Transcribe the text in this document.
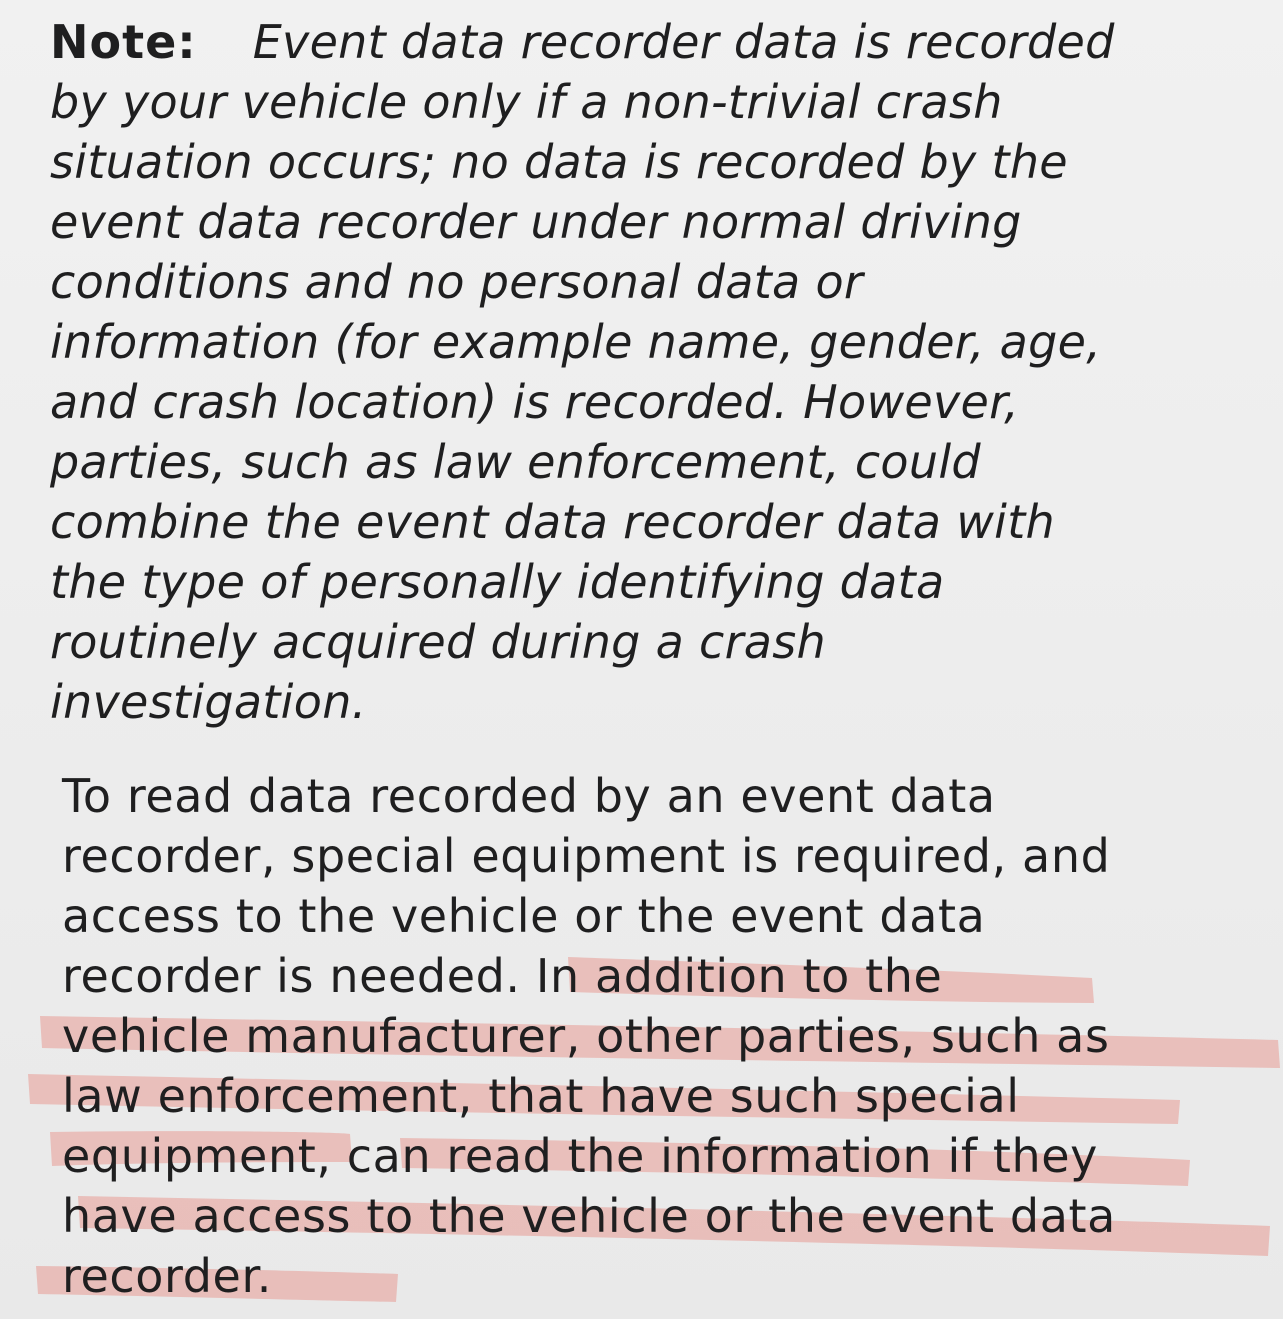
Note: Event data recorder data is recorded
by your vehicle only if a non-trivial crash
situation occurs; no data is recorded by the
event data recorder under normal driving
conditions and no personal data or
information (for example name, gender, age,
and crash location) is recorded. However,
parties, such as law enforcement, could
combine the event data recorder data with
the type of personally identifying data
routinely acquired during a crash
investigation.
To read data recorded by an event data
recorder, special equipment is required, and
access to the vehicle or the event data
recorder is needed. In addition to the
vehicle manufacturer, other parties, such as
law enforcement, that have such special
equipment, can read the information if they
have access to the vehicle or the event data
recorder.
